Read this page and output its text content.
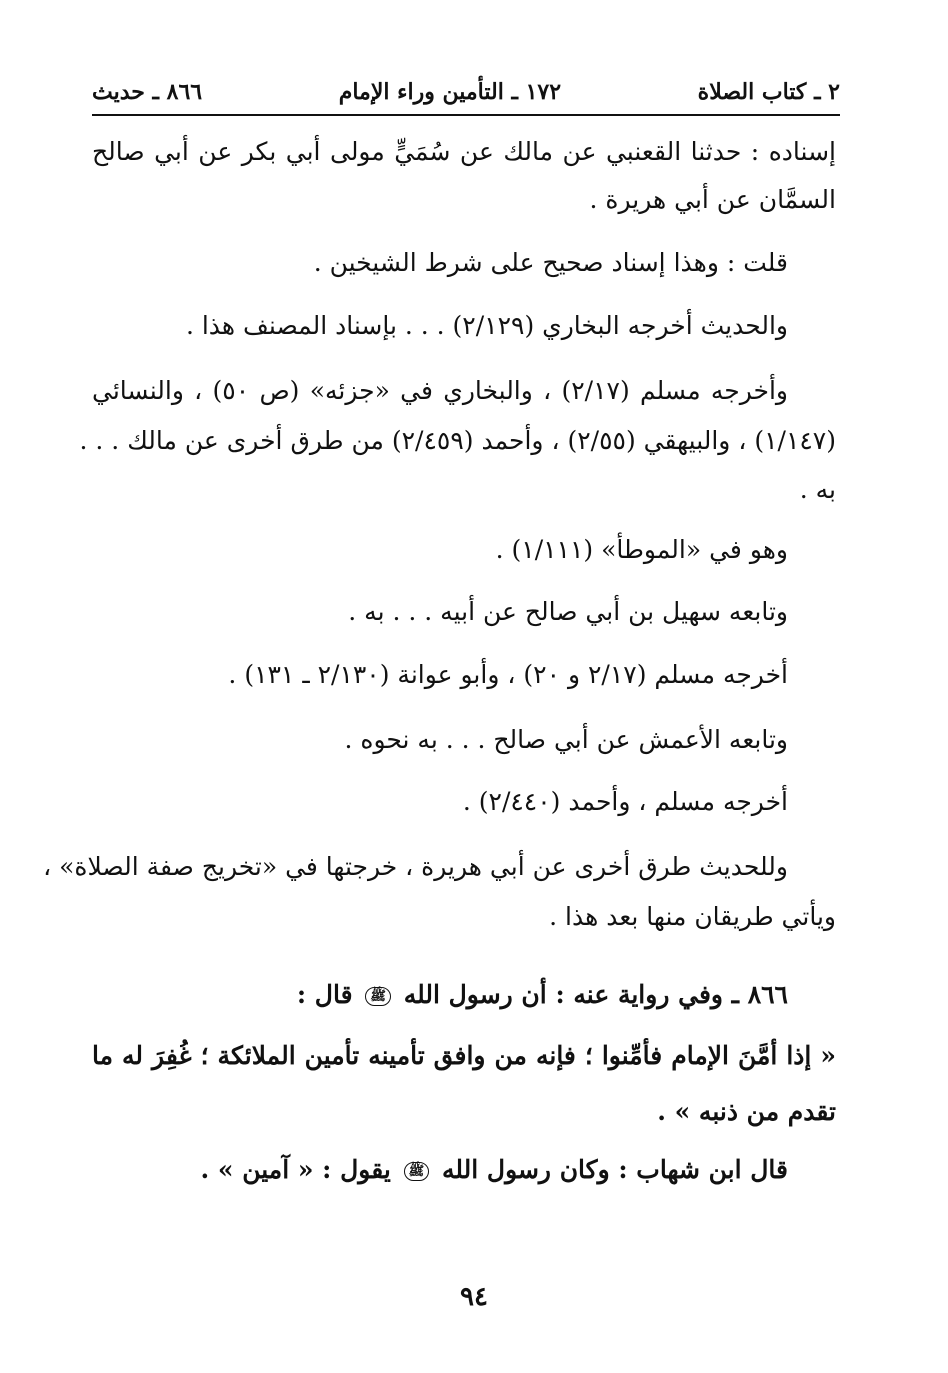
٢ ـ كتاب الصلاة
١٧٢ ـ التأمين وراء الإمام
٨٦٦ ـ حديث
إسناده : حدثنا القعنبي عن مالك عن سُمَيٍّ مولى أبي بكر عن أبي صالح
السمَّان عن أبي هريرة .
قلت : وهذا إسناد صحيح على شرط الشيخين .
والحديث أخرجه البخاري (٢/١٢٩) . . . بإسناد المصنف هذا .
وأخرجه مسلم (٢/١٧) ، والبخاري في «جزئه» (ص ٥٠) ، والنسائي
(١/١٤٧) ، والبيهقي (٢/٥٥) ، وأحمد (٢/٤٥٩) من طرق أخرى عن مالك . . .
به .
وهو في «الموطأ» (١/١١١) .
وتابعه سهيل بن أبي صالح عن أبيه . . . به .
أخرجه مسلم (٢/١٧ و ٢٠) ، وأبو عوانة (٢/١٣٠ ـ ١٣١) .
وتابعه الأعمش عن أبي صالح . . . به نحوه .
أخرجه مسلم ، وأحمد (٢/٤٤٠) .
وللحديث طرق أخرى عن أبي هريرة ، خرجتها في «تخريج صفة الصلاة» ،
ويأتي طريقان منها بعد هذا .
٨٦٦ ـ وفي رواية عنه : أن رسول الله ﷺ قال :
« إذا أمَّنَ الإمام فأمِّنوا ؛ فإنه من وافق تأمينه تأمين الملائكة ؛ غُفِرَ له ما
تقدم من ذنبه » .
قال ابن شهاب : وكان رسول الله ﷺ يقول : « آمين » .
٩٤
